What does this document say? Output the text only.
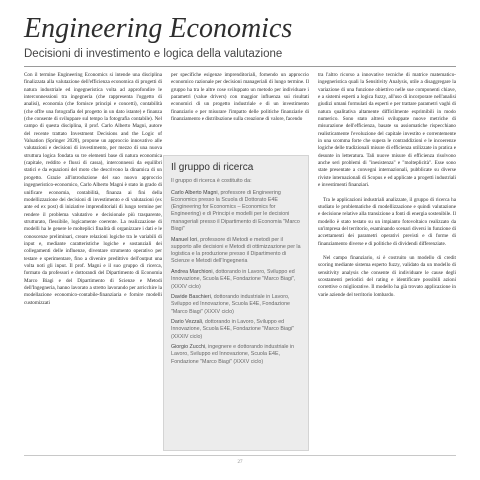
Engineering Economics
Decisioni di investimento e logica della valutazione

Con il termine Engineering Economics si intende una disciplina finalizzata alla valutazione dell'efficienza economica di progetti di natura industriale ed ingegneristica volta ad approfondire le interconnessioni tra ingegneria (che rappresenta l'oggetto di analisi), economia (che fornisce principi e concetti), contabilità (che offre una fotografia del progetto in un dato istante) e finanza (che consente di sviluppare sul tempo la fotografia contabile). Nel campo di questa disciplina, il prof. Carlo Alberto Magni, autore del recente trattato Investment Decisions and the Logic of Valuation (Springer 2020), propone un approccio innovativo alle valutazioni e decisioni di investimento, per mezzo di una nuova struttura logica fondata su tre elementi base di natura economica (capitale, reddito e flussi di cassa), interconnessi da equilibri statici e da equazioni del moto che descrivono la dinamica di un progetto. Grazie all'introduzione del suo nuovo approccio ingegneristico-economico, Carlo Alberto Magni è stato in grado di unificare economia, contabilità, finanza ai fini della modellizzazione dei decisioni di investimento e di valutazioni (ex ante ed ex post) di iniziative imprenditoriali di lungo termine per rendere il problema valutativo e decisionale più trasparente, strutturato, flessibile, logicamente coerente. La realizzazione di modelli ha le genere le molteplici finalità di organizzare i dati e le conoscenze preliminari, creare relazioni logiche tra le variabili di input e, mediante caratteristiche logiche e sostanziali dei collegamenti delle influenze, diventare strumento operativo per testare e sperimentare, fino a divenire predittivo dell'output una volta noti gli input. Il prof. Magni e il suo gruppo di ricerca, formato da professori e dottorandi del Dipartimento di Economia Marco Biagi e del Dipartimento di Scienze e Metodi dell'Ingegneria, hanno lavorato a stretto lavorando per arricchire la modellazione economico-contabile-finanziaria e fornire modelli customizzati

per specifiche esigenze imprenditoriali, fornendo un approccio economico razionale per decisioni manageriali di lungo termine. Il gruppo ha tra le altre cose sviluppato un metodo per individuare i parametri (value drivers) con maggior influenza sui risultati economici di un progetto industriale e di un investimento finanziario e per misurare l'impatto delle politiche finanziarie di finanziamento e distribuzione sulla creazione di valore, facendo

Il gruppo di ricerca

Il gruppo di ricerca è costituito da:

Carlo Alberto Magni, professore di Engineering Economics presso la Scuola di Dottorato E4E (Engineering for Economics – Economics for Engineering) e di Principi e modelli per le decisioni manageriali presso il Dipartimento di Economia "Marco Biagi"

Manuel Iori, professore di Metodi e metodi per il supporto alle decisioni e Metodi di ottimizzazione per la logistica e la produzione presso il Dipartimento di Scienze e Metodi dell'Ingegneria

Andrea Marchioni, dottorando in Lavoro, Sviluppo ed Innovazione, Scuola E4E, Fondazione "Marco Biagi", (XXXV ciclo)

Davide Baschieri, dottorando industriale in Lavoro, Sviluppo ed Innovazione, Scuola E4E, Fondazione "Marco Biagi" (XXXV ciclo)

Dario Vezzali, dottorando in Lavoro, Sviluppo ed Innovazione, Scuola E4E, Fondazione "Marco Biagi" (XXXIV ciclo)

Giorgio Zucchi, ingegnere e dottorando industriale in Lavoro, Sviluppo ed Innovazione, Scuola E4E, Fondazione "Marco Biagi" (XXXV ciclo)

tra l'altro ricorso a innovative tecniche di matrice matematico-ingegneristica quali la Sensitivity Analysis, utile a disaggregare la variazione di una funzione obiettivo nelle sue componenti chiave, e a sistemi esperti a logica fuzzy, all'uso di incorporare nell'analisi giudizi umani formulati da esperti e per trattare parametri vaghi di natura qualitativa altamente difficilmente esprimibili in modo numerico. Sono stato altresì sviluppate nuove metriche di misurazione dell'efficienza, basate su assiomatiche rispecchiano realisticamente l'evoluzione del capitale investito e correntemente in una scomma forte che supera le contraddizioni e le incoerenze logiche delle tradizionali misure di efficienza utilizzate in pratica e desunte in letteratura. Tali nuove misure di efficienza risolvono anche seri problemi di "inesistenza" e "molteplicità". Esse sono state presentate a convegni internazionali, pubblicate su diverse riviste internazionali di Scopus e ed applicate a progetti industriali e investimenti finanziari.

Tra le applicazioni industriali analizzate, il gruppo di ricerca ha studiato le problematiche di modellizzazione e quindi valutazione e decisione relative alla transizione a fonti di energia sostenibile. Il modello è stato testato su un impianto fotovoltaico realizzato da un'impresa del territorio, esaminando scenari diversi in funzione di accettamenti dei parametri operativi previsti e di forme di finanziamento diverse e di politiche di dividendi differenziate.

Nel campo finanziario, si è costruito un modello di credit scoring mediante sistema esperto fuzzy, validato da un modello di sensitivity analysis che consente di individuare le cause degli scostamenti periodici del rating e identificare possibili azioni correttive o migliorative. Il modello ha già trovato applicazione in varie aziende del territorio lombardo.

27
